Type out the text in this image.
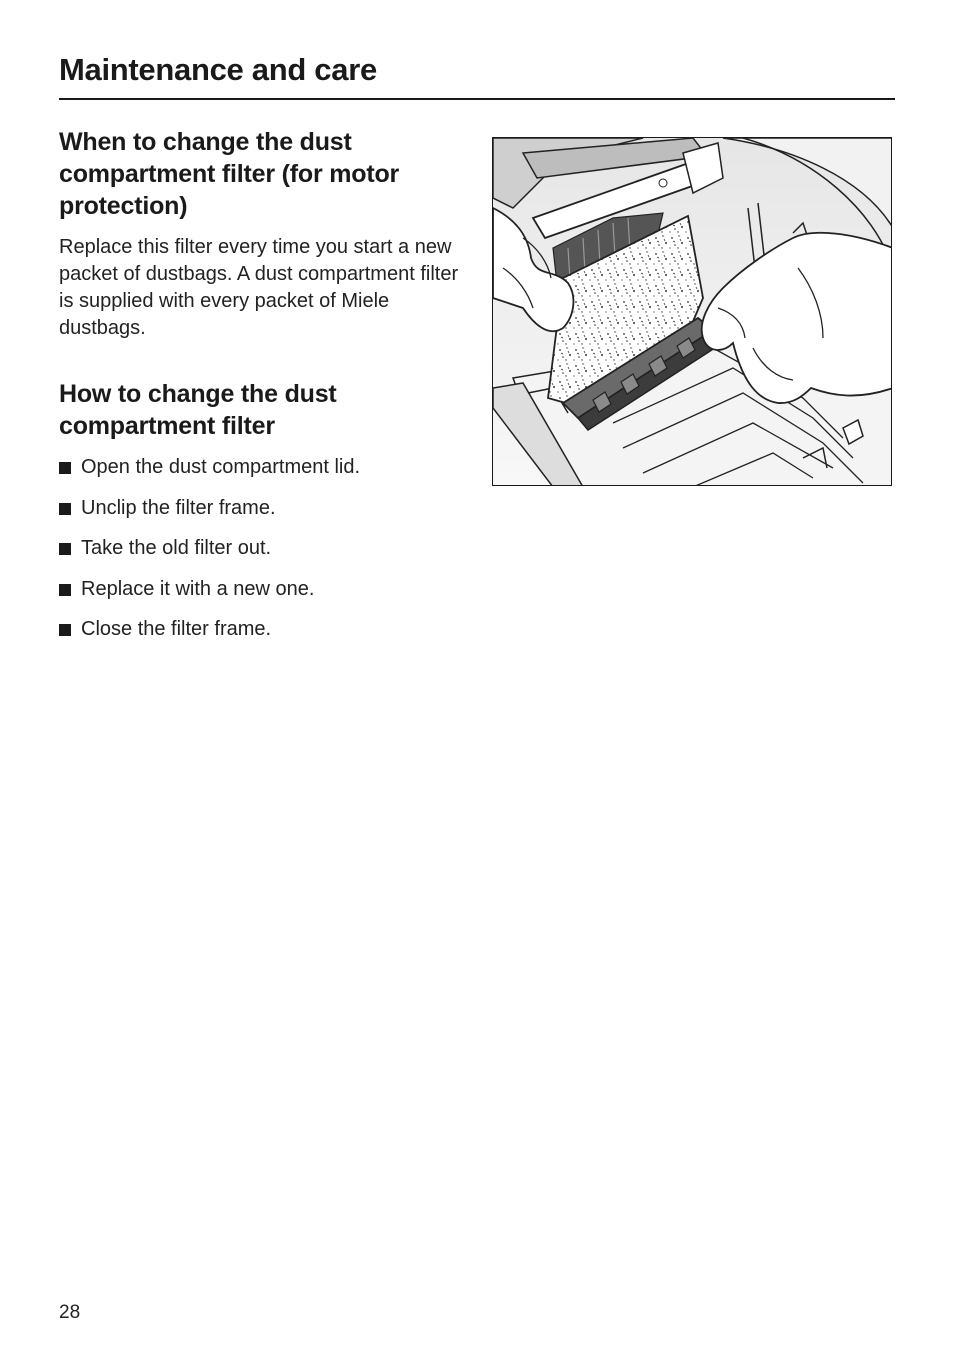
Maintenance and care
When to change the dust compartment filter (for motor protection)

Replace this filter every time you start a new packet of dustbags. A dust compartment filter is supplied with every packet of Miele dustbags.

How to change the dust compartment filter
Open the dust compartment lid.
Unclip the filter frame.
Take the old filter out.
Replace it with a new one.
Close the filter frame.
28
